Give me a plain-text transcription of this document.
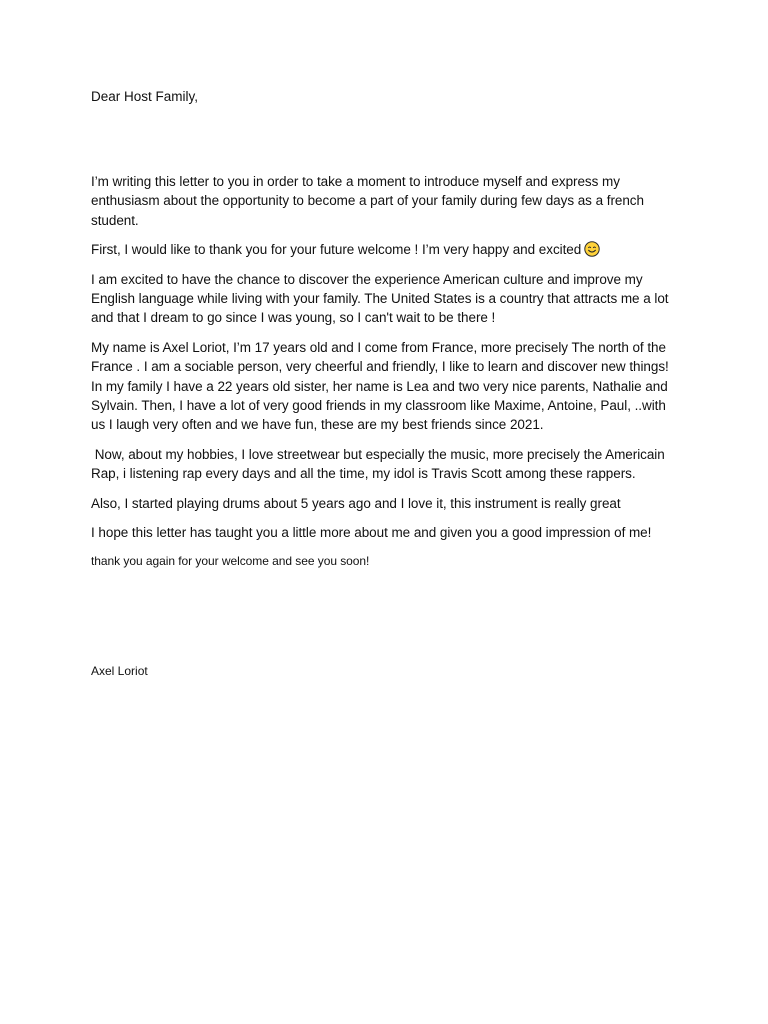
Dear Host Family,

I’m writing this letter to you in order to take a moment to introduce myself and express my enthusiasm about the opportunity to become a part of your family during few days as a french student.

First, I would like to thank you for your future welcome ! I’m very happy and excited

I am excited to have the chance to discover the experience American culture and improve my English language while living with your family. The United States is a country that attracts me a lot and that I dream to go since I was young, so I can't wait to be there !

My name is Axel Loriot, I’m 17 years old and I come from France, more precisely The north of the France . I am a sociable person, very cheerful and friendly, I like to learn and discover new things! In my family I have a 22 years old sister, her name is Lea and two very nice parents, Nathalie and Sylvain. Then, I have a lot of very good friends in my classroom like Maxime, Antoine, Paul, ..with us I laugh very often and we have fun, these are my best friends since 2021.

Now, about my hobbies, I love streetwear but especially the music, more precisely the Americain Rap, i listening rap every days and all the time, my idol is Travis Scott among these rappers.

Also, I started playing drums about 5 years ago and I love it, this instrument is really great

I hope this letter has taught you a little more about me and given you a good impression of me!

thank you again for your welcome and see you soon!

Axel Loriot
